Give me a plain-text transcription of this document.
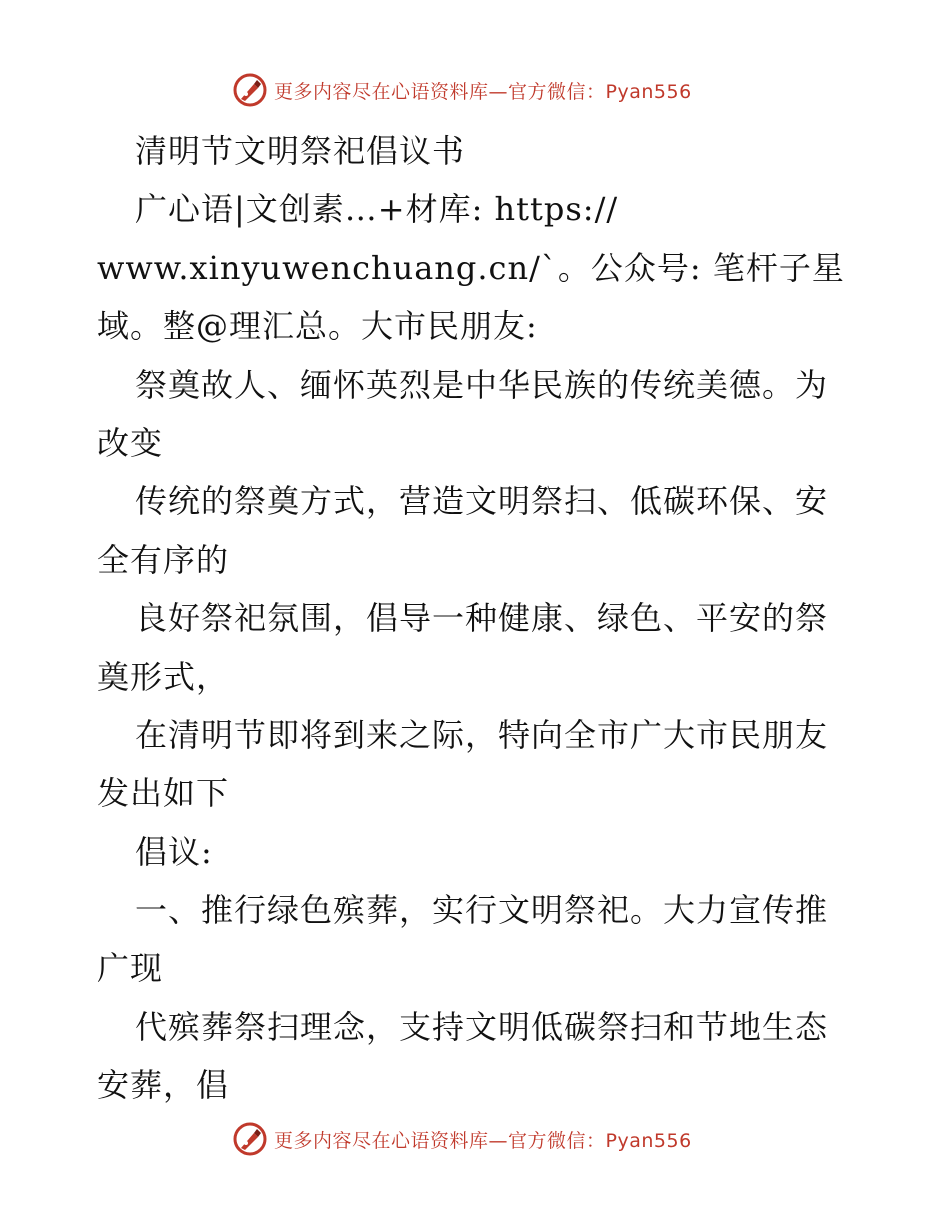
更多内容尽在心语资料库—官方微信：Pyan556
清明节文明祭祀倡议书
广心语|文创素…+材库: https://
www.xinyuwenchuang.cn/`。公众号: 笔杆子星
域。整@理汇总。大市民朋友:
祭奠故人、缅怀英烈是中华民族的传统美德。为
改变
传统的祭奠方式，营造文明祭扫、低碳环保、安
全有序的
良好祭祀氛围，倡导一种健康、绿色、平安的祭
奠形式，
在清明节即将到来之际，特向全市广大市民朋友
发出如下
倡议:
一、推行绿色殡葬，实行文明祭祀。大力宣传推
广现
代殡葬祭扫理念，支持文明低碳祭扫和节地生态
安葬，倡
更多内容尽在心语资料库—官方微信：Pyan556
